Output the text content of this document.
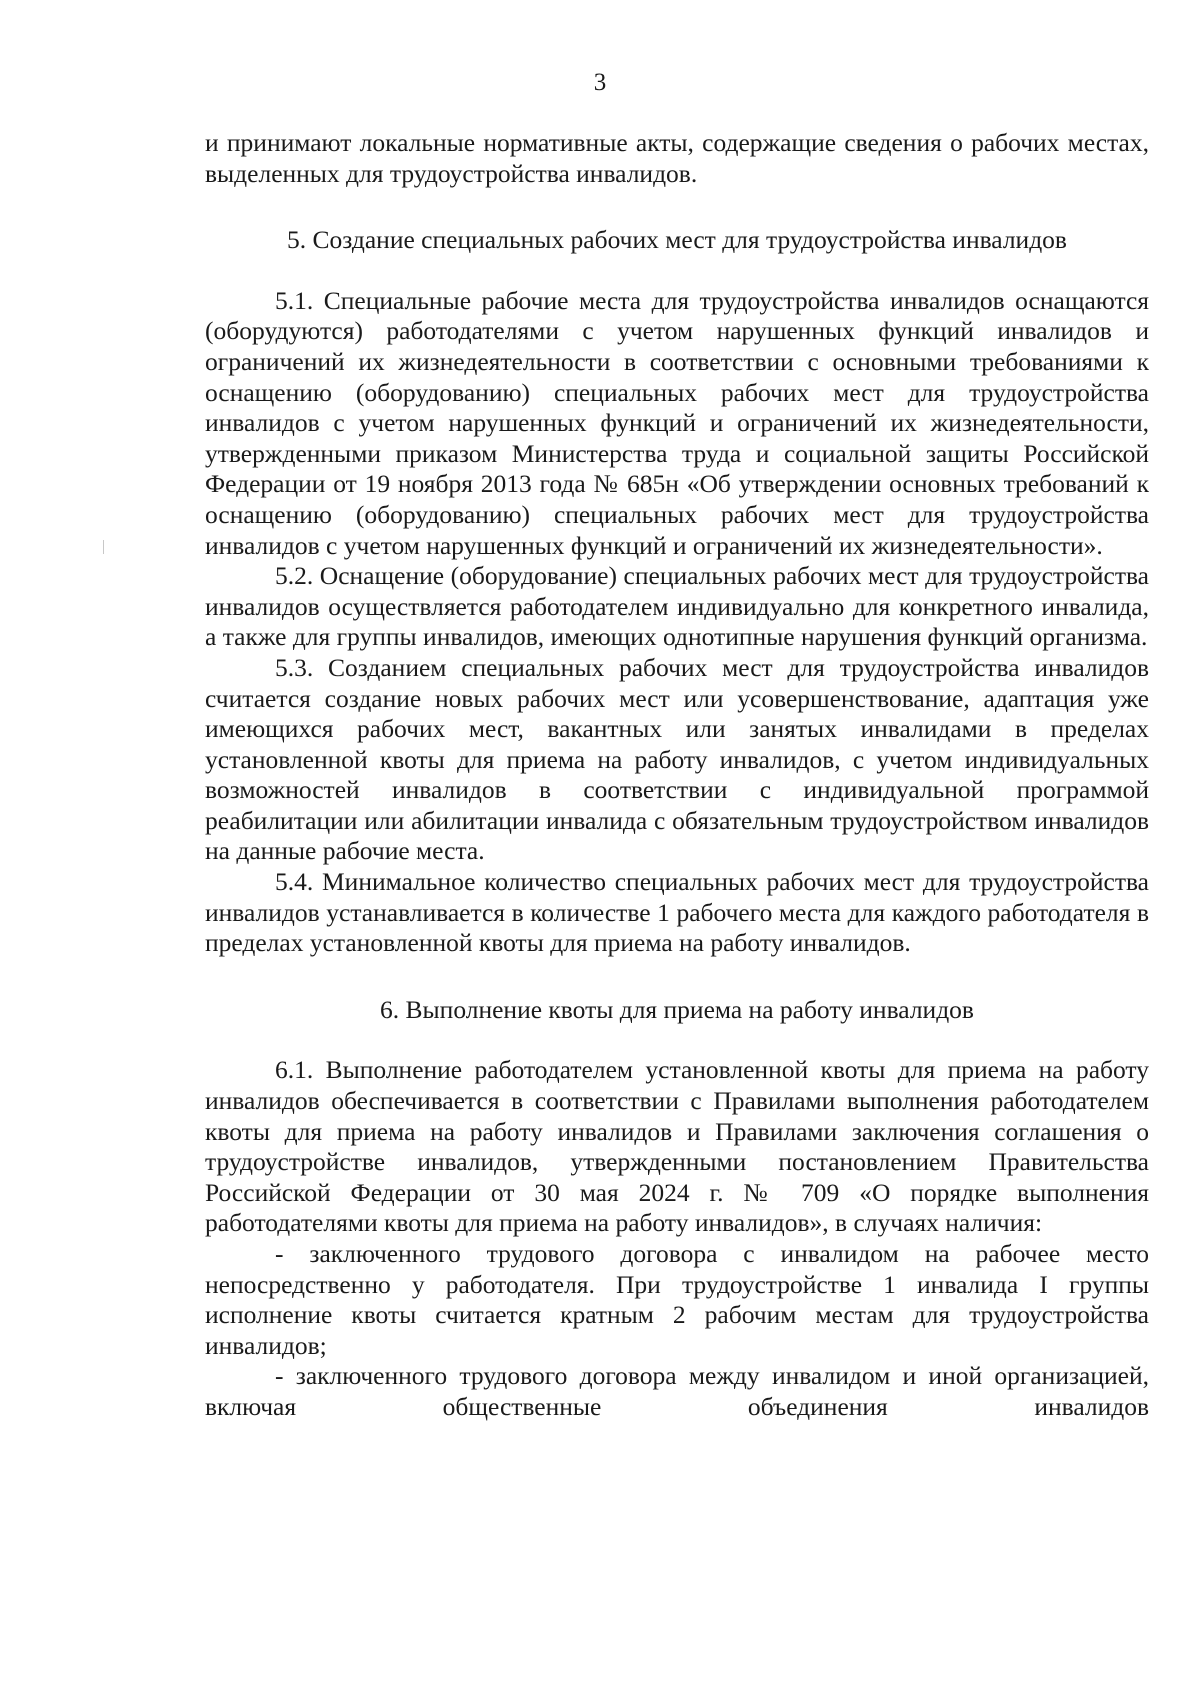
3

и принимают локальные нормативные акты, содержащие сведения о рабочих местах, выделенных для трудоустройства инвалидов.

5. Создание специальных рабочих мест для трудоустройства инвалидов

5.1. Специальные рабочие места для трудоустройства инвалидов оснащаются (оборудуются) работодателями с учетом нарушенных функций инвалидов и ограничений их жизнедеятельности в соответствии с основными требованиями к оснащению (оборудованию) специальных рабочих мест для трудоустройства инвалидов с учетом нарушенных функций и ограничений их жизнедеятельности, утвержденными приказом Министерства труда и социальной защиты Российской Федерации от 19 ноября 2013 года № 685н «Об утверждении основных требований к оснащению (оборудованию) специальных рабочих мест для трудоустройства инвалидов с учетом нарушенных функций и ограничений их жизнедеятельности».

5.2. Оснащение (оборудование) специальных рабочих мест для трудоустройства инвалидов осуществляется работодателем индивидуально для конкретного инвалида, а также для группы инвалидов, имеющих однотипные нарушения функций организма.

5.3. Созданием специальных рабочих мест для трудоустройства инвалидов считается создание новых рабочих мест или усовершенствование, адаптация уже имеющихся рабочих мест, вакантных или занятых инвалидами в пределах установленной квоты для приема на работу инвалидов, с учетом индивидуальных возможностей инвалидов в соответствии с индивидуальной программой реабилитации или абилитации инвалида с обязательным трудоустройством инвалидов на данные рабочие места.

5.4. Минимальное количество специальных рабочих мест для трудоустройства инвалидов устанавливается в количестве 1 рабочего места для каждого работодателя в пределах установленной квоты для приема на работу инвалидов.

6. Выполнение квоты для приема на работу инвалидов

6.1. Выполнение работодателем установленной квоты для приема на работу инвалидов обеспечивается в соответствии с Правилами выполнения работодателем квоты для приема на работу инвалидов и Правилами заключения соглашения о трудоустройстве инвалидов, утвержденными постановлением Правительства Российской Федерации от 30 мая 2024 г. № 709 «О порядке выполнения работодателями квоты для приема на работу инвалидов», в случаях наличия:

- заключенного трудового договора с инвалидом на рабочее место непосредственно у работодателя. При трудоустройстве 1 инвалида I группы исполнение квоты считается кратным 2 рабочим местам для трудоустройства инвалидов;

- заключенного трудового договора между инвалидом и иной организацией, включая общественные объединения инвалидов
